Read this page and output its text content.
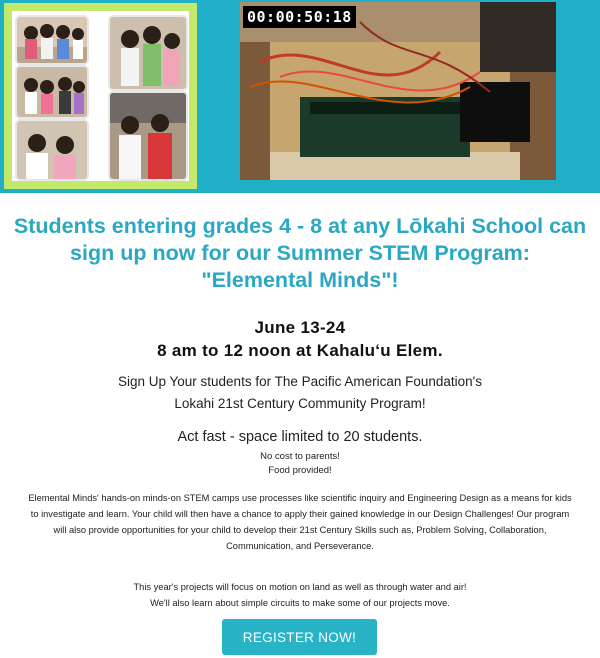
00:00:50:18
Students entering grades 4 - 8 at any Lōkahi School can
sign up now for our Summer STEM Program:
"Elemental Minds"!
June 13-24
8 am to 12 noon at Kahalu‘u Elem.
Sign Up Your students for The Pacific American Foundation's
Lokahi 21st Century Community Program!
Act fast - space limited to 20 students.
No cost to parents!
Food provided!
Elemental Minds' hands-on minds-on STEM camps use processes like scientific inquiry and Engineering Design as a means for kids
to investigate and learn. Your child will then have a chance to apply their gained knowledge in our Design Challenges! Our program
will also provide opportunities for your child to develop their 21st Century Skills such as, Problem Solving, Collaboration,
Communication, and Perseverance.
This year's projects will focus on motion on land as well as through water and air!
We'll also learn about simple circuits to make some of our projects move.
REGISTER NOW!
